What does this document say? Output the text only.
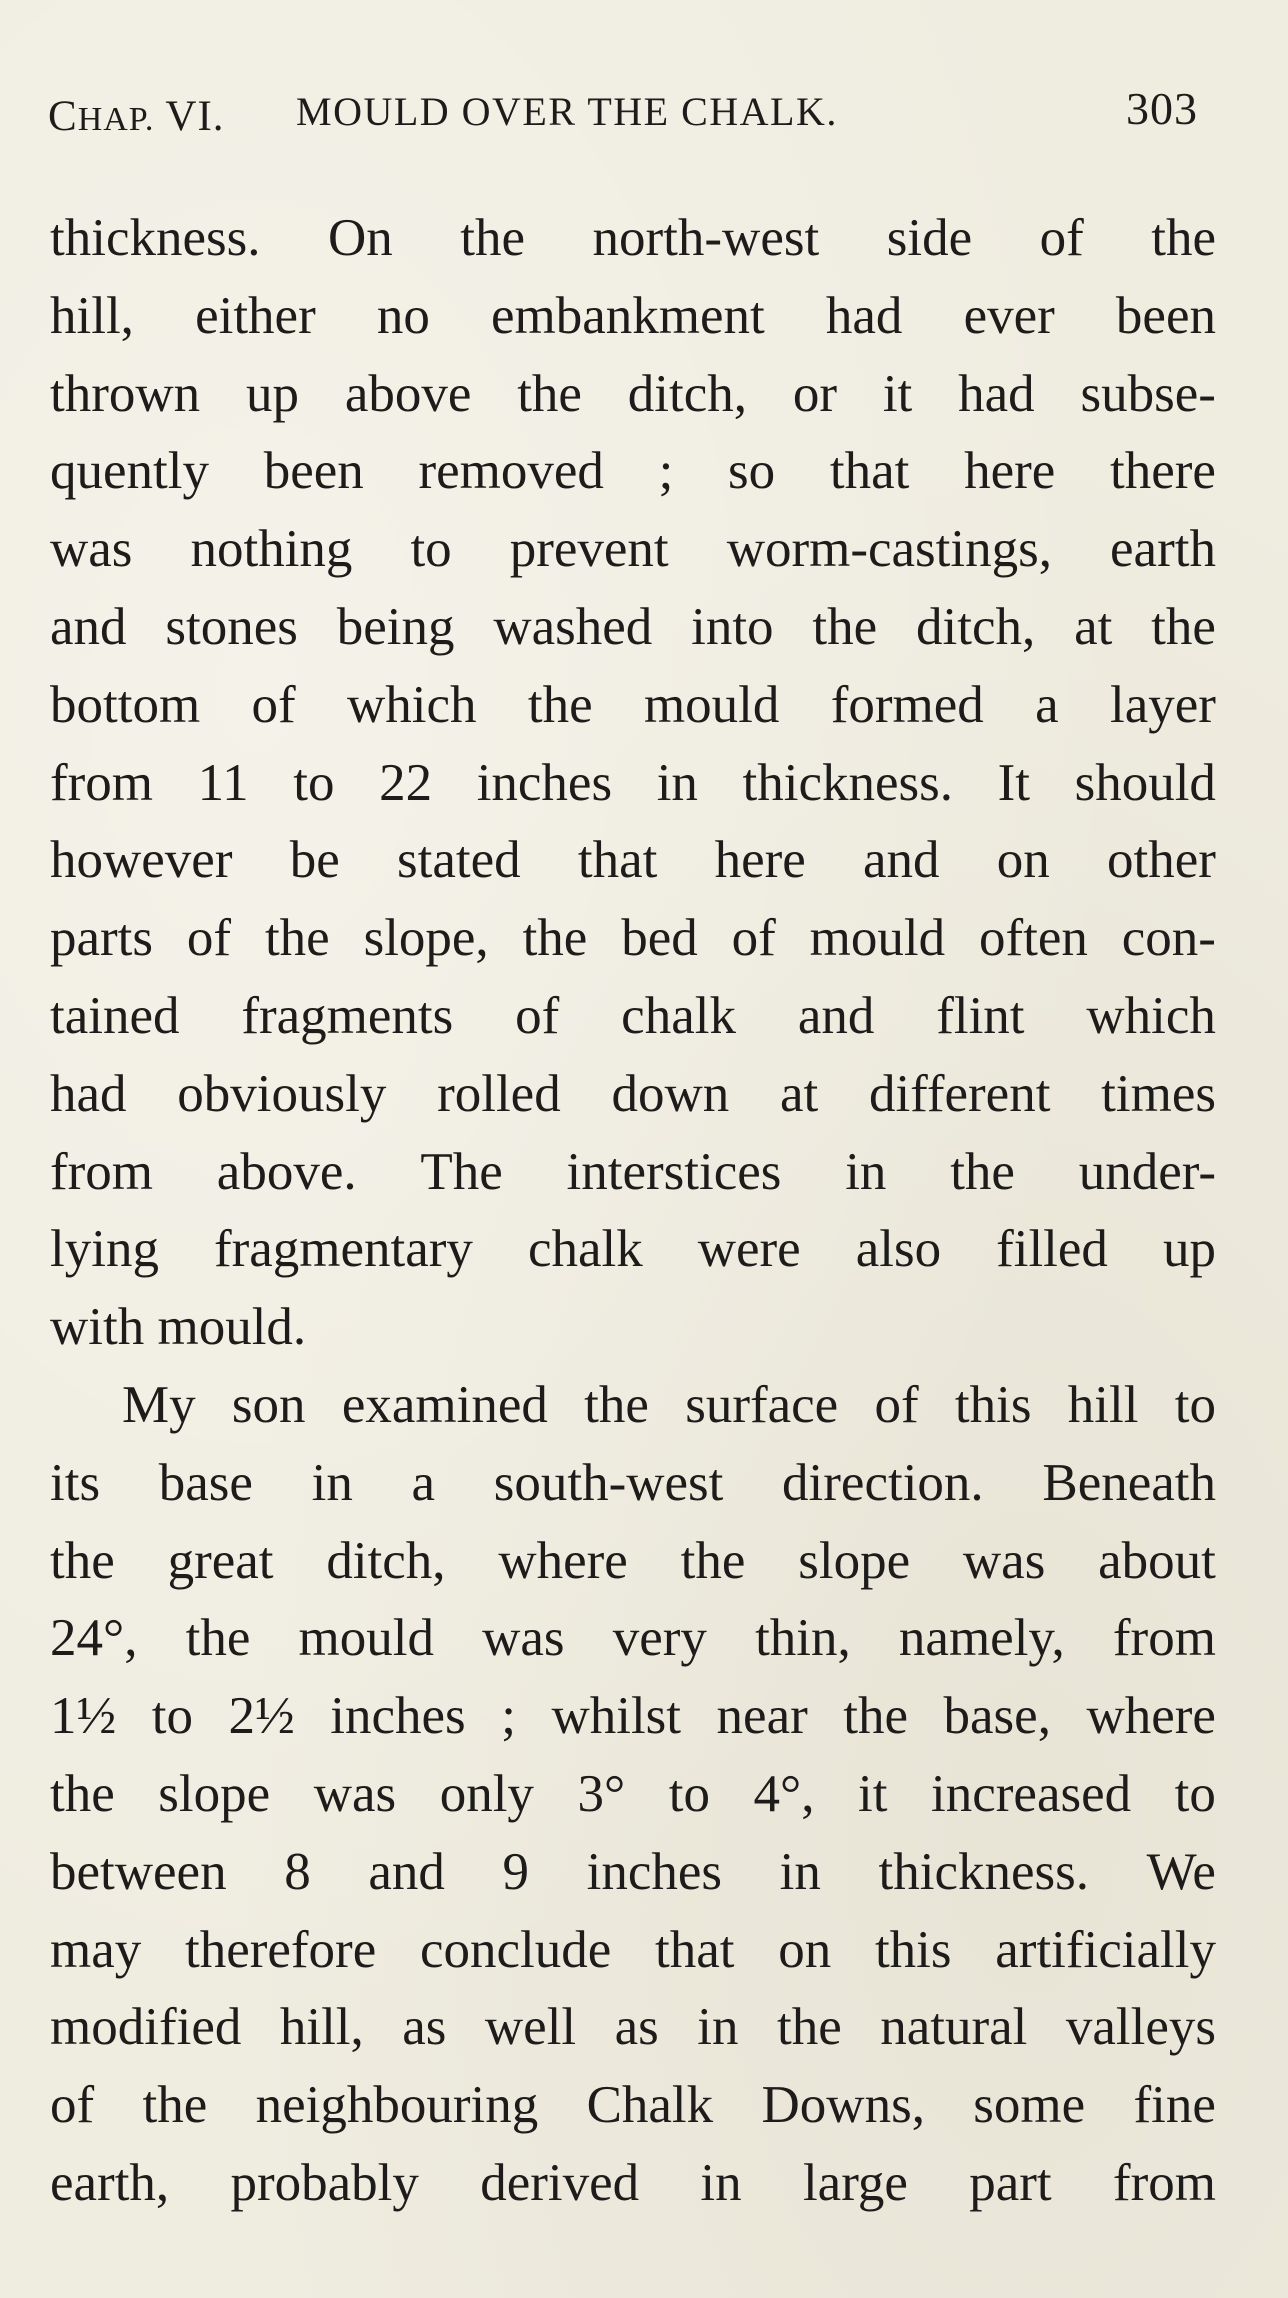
CHAP. VI. MOULD OVER THE CHALK.	303
thickness. On the north-west side of the
hill, either no embankment had ever been
thrown up above the ditch, or it had subse-
quently been removed ; so that here there
was nothing to prevent worm-castings, earth
and stones being washed into the ditch, at the
bottom of which the mould formed a layer
from 11 to 22 inches in thickness. It should
however be stated that here and on other
parts of the slope, the bed of mould often con-
tained fragments of chalk and flint which
had obviously rolled down at different times
from above. The interstices in the under-
lying fragmentary chalk were also filled up
with mould.
My son examined the surface of this hill to
its base in a south-west direction. Beneath
the great ditch, where the slope was about
24°, the mould was very thin, namely, from
1½ to 2½ inches ; whilst near the base, where
the slope was only 3° to 4°, it increased to
between 8 and 9 inches in thickness. We
may therefore conclude that on this artificially
modified hill, as well as in the natural valleys
of the neighbouring Chalk Downs, some fine
earth, probably derived in large part from
